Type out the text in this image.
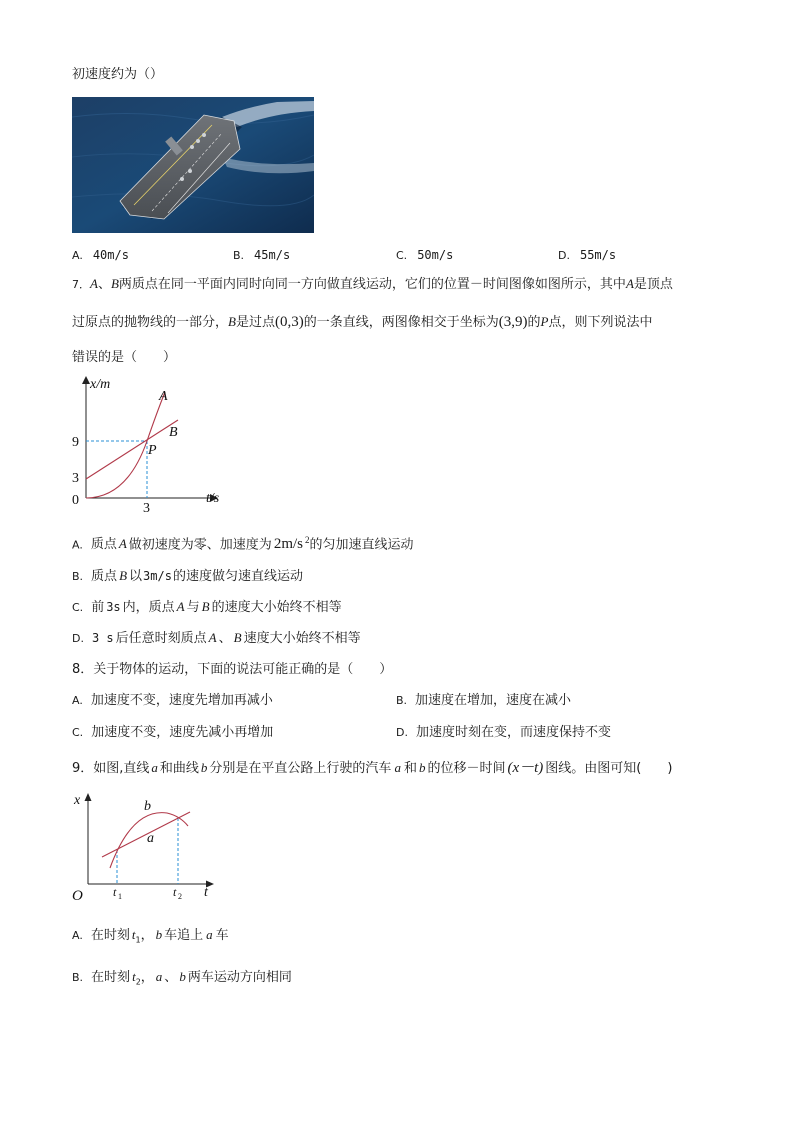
初速度约为（）
A. 40m/s	B. 45m/s	C. 50m/s	D. 55m/s
7．A、B两质点在同一平面内同时向同一方向做直线运动，它们的位置－时间图像如图所示，其中A是顶点
过原点的抛物线的一部分，B是过点(0,3)的一条直线，两图像相交于坐标为(3,9)的P点，则下列说法中
错误的是（　　）
x/m
t/s
9
3
0
3
A
B
P
A. 质点 A 做初速度为零、加速度为 2m/s $^2$的匀加速直线运动
B. 质点 B 以3m/s的速度做匀速直线运动
C. 前 3s 内，质点 A 与 B 的速度大小始终不相等
D. 3 s 后任意时刻质点 A 、 B 速度大小始终不相等
8．关于物体的运动，下面的说法可能正确的是（　　）
A. 加速度不变，速度先增加再减小	B. 加速度在增加，速度在减小
C. 加速度不变，速度先减小再增加	D. 加速度时刻在变，而速度保持不变
9．如图,直线 a 和曲线 b 分别是在平直公路上行驶的汽车 a 和 b 的位移－时间 (x－t) 图线。由图可知(　　)
x
t
O	t 1	t 2
b
a
A. 在时刻 $t_1$， b 车追上 a 车
B. 在时刻 $t_2$， a 、 b 两车运动方向相同
